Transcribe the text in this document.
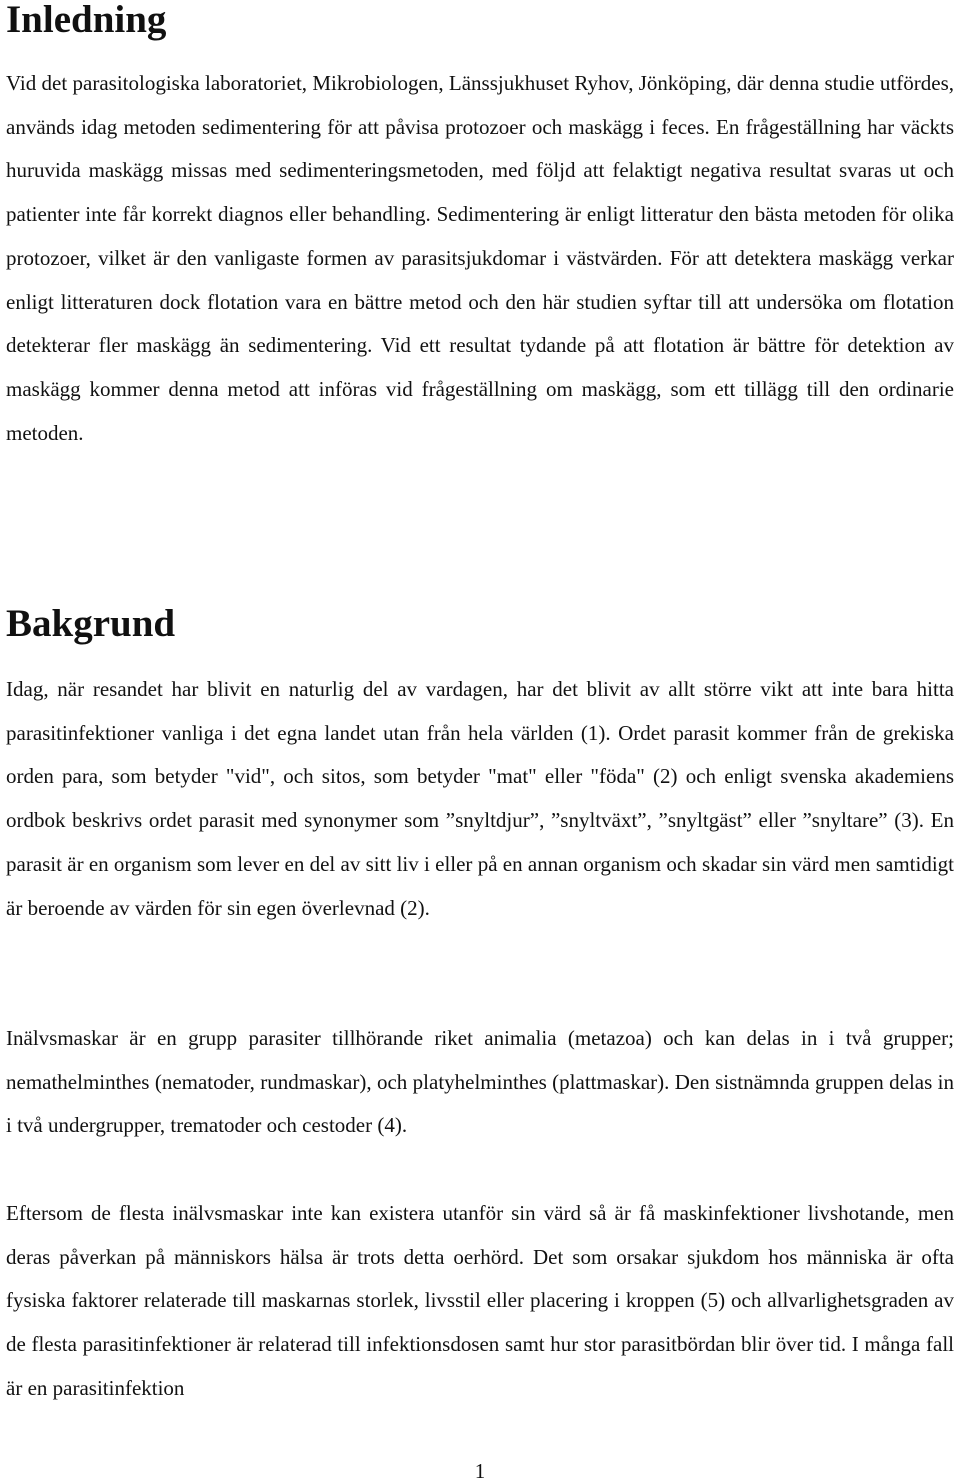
Inledning

Vid det parasitologiska laboratoriet, Mikrobiologen, Länssjukhuset Ryhov, Jönköping, där denna studie utfördes, används idag metoden sedimentering för att påvisa protozoer och maskägg i feces. En frågeställning har väckts huruvida maskägg missas med sedimenteringsmetoden, med följd att felaktigt negativa resultat svaras ut och patienter inte får korrekt diagnos eller behandling. Sedimentering är enligt litteratur den bästa metoden för olika protozoer, vilket är den vanligaste formen av parasitsjukdomar i västvärden. För att detektera maskägg verkar enligt litteraturen dock flotation vara en bättre metod och den här studien syftar till att undersöka om flotation detekterar fler maskägg än sedimentering. Vid ett resultat tydande på att flotation är bättre för detektion av maskägg kommer denna metod att införas vid frågeställning om maskägg, som ett tillägg till den ordinarie metoden.

Bakgrund

Idag, när resandet har blivit en naturlig del av vardagen, har det blivit av allt större vikt att inte bara hitta parasitinfektioner vanliga i det egna landet utan från hela världen (1). Ordet parasit kommer från de grekiska orden para, som betyder "vid", och sitos, som betyder "mat" eller "föda" (2) och enligt svenska akademiens ordbok beskrivs ordet parasit med synonymer som ”snyltdjur”, ”snyltväxt”, ”snyltgäst” eller ”snyltare” (3). En parasit är en organism som lever en del av sitt liv i eller på en annan organism och skadar sin värd men samtidigt är beroende av värden för sin egen överlevnad (2).

Inälvsmaskar är en grupp parasiter tillhörande riket animalia (metazoa) och kan delas in i två grupper; nemathelminthes (nematoder, rundmaskar), och platyhelminthes (plattmaskar). Den sistnämnda gruppen delas in i två undergrupper, trematoder och cestoder (4).

Eftersom de flesta inälvsmaskar inte kan existera utanför sin värd så är få maskinfektioner livshotande, men deras påverkan på människors hälsa är trots detta oerhörd. Det som orsakar sjukdom hos människa är ofta fysiska faktorer relaterade till maskarnas storlek, livsstil eller placering i kroppen (5) och allvarlighetsgraden av de flesta parasitinfektioner är relaterad till infektionsdosen samt hur stor parasitbördan blir över tid. I många fall är en parasitinfektion

1
